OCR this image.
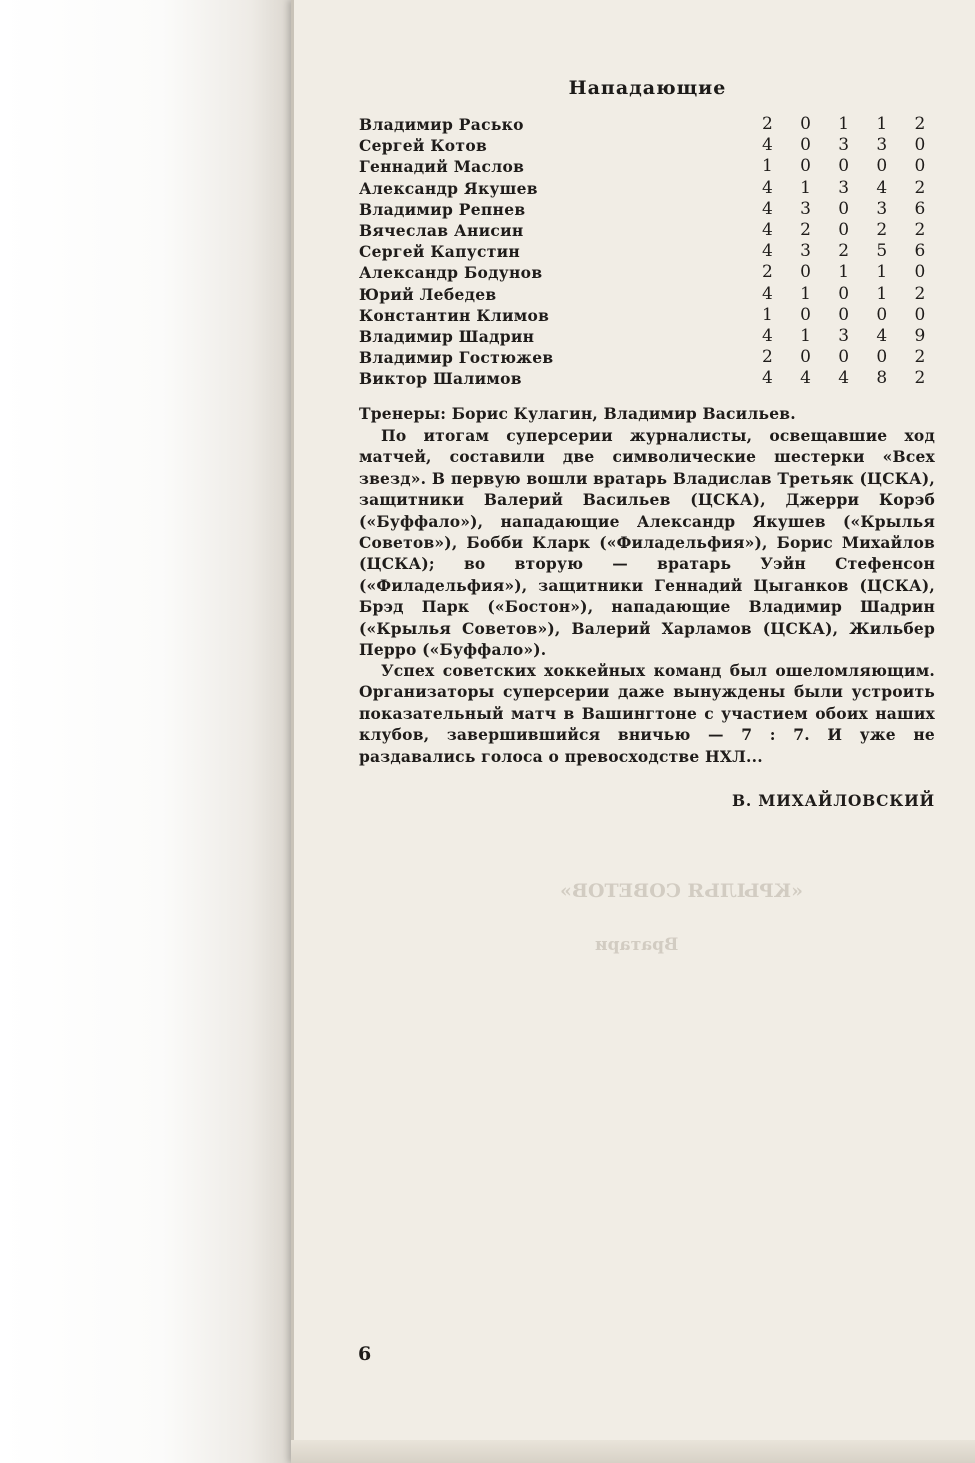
«КРЫЛЬЯ СОВЕТОВ»
Вратари
Нападающие
Владимир Расько	2	0	1	1	2
Сергей Котов	4	0	3	3	0
Геннадий Маслов	1	0	0	0	0
Александр Якушев	4	1	3	4	2
Владимир Репнев	4	3	0	3	6
Вячеслав Анисин	4	2	0	2	2
Сергей Капустин	4	3	2	5	6
Александр Бодунов	2	0	1	1	0
Юрий Лебедев	4	1	0	1	2
Константин Климов	1	0	0	0	0
Владимир Шадрин	4	1	3	4	9
Владимир Гостюжев	2	0	0	0	2
Виктор Шалимов	4	4	4	8	2

Тренеры: Борис Кулагин, Владимир Васильев.

По итогам суперсерии журналисты, освещавшие ход матчей, составили две символические шестерки «Всех звезд». В первую вошли вратарь Владислав Третьяк (ЦСКА), защитники Валерий Васильев (ЦСКА), Джерри Корэб («Буффало»), нападающие Александр Якушев («Крылья Советов»), Бобби Кларк («Филадельфия»), Борис Михайлов (ЦСКА); во вторую — вратарь Уэйн Стефенсон («Филадельфия»), защитники Геннадий Цыганков (ЦСКА), Брэд Парк («Бостон»), нападающие Владимир Шадрин («Крылья Советов»), Валерий Харламов (ЦСКА), Жильбер Перро («Буффало»).

Успех советских хоккейных команд был ошеломляющим. Организаторы суперсерии даже вынуждены были устроить показательный матч в Вашингтоне с участием обоих наших клубов, завершившийся вничью — 7 : 7. И уже не раздавались голоса о превосходстве НХЛ...

В. МИХАЙЛОВСКИЙ
6
